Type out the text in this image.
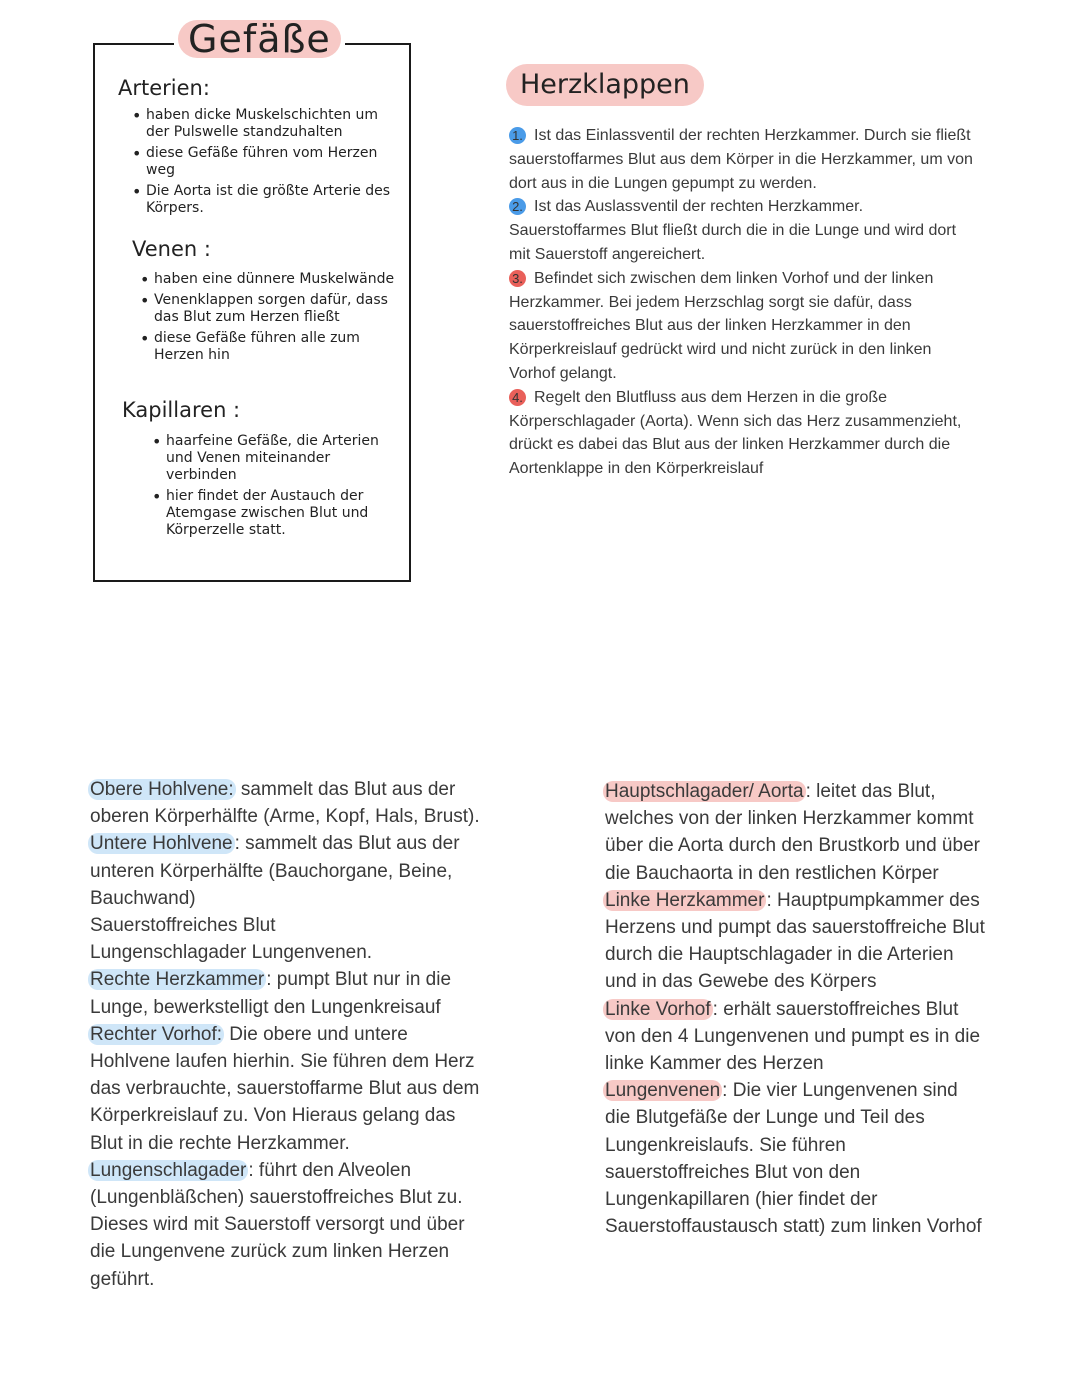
Gefäße
Arterien:
• haben dicke Muskelschichten um der Pulswelle standzuhalten
• diese Gefäße führen vom Herzen weg
• Die Aorta ist die größte Arterie des Körpers.
Venen :
• haben eine dünnere Muskelwände
• Venenklappen sorgen dafür, dass das Blut zum Herzen fließt
• diese Gefäße führen alle zum Herzen hin
Kapillaren :
• haarfeine Gefäße, die Arterien und Venen miteinander verbinden
• hier findet der Austauch der Atemgase zwischen Blut und Körperzelle statt.
Herzklappen

1. Ist das Einlassventil der rechten Herzkammer. Durch sie fließt sauerstoffarmes Blut aus dem Körper in die Herzkammer, um von dort aus in die Lungen gepumpt zu werden.

2. Ist das Auslassventil der rechten Herzkammer. Sauerstoffarmes Blut fließt durch die in die Lunge und wird dort mit Sauerstoff angereichert.

3. Befindet sich zwischen dem linken Vorhof und der linken Herzkammer. Bei jedem Herzschlag sorgt sie dafür, dass sauerstoffreiches Blut aus der linken Herzkammer in den Körperkreislauf gedrückt wird und nicht zurück in den linken Vorhof gelangt.

4. Regelt den Blutfluss aus dem Herzen in die große Körperschlagader (Aorta). Wenn sich das Herz zusammenzieht, drückt es dabei das Blut aus der linken Herzkammer durch die Aortenklappe in den Körperkreislauf

Obere Hohlvene: sammelt das Blut aus der oberen Körperhälfte (Arme, Kopf, Hals, Brust).

Untere Hohlvene : sammelt das Blut aus der unteren Körperhälfte (Bauchorgane, Beine, Bauchwand)

Sauerstoffreiches Blut

Lungenschlagader Lungenvenen.

Rechte Herzkammer : pumpt Blut nur in die Lunge, bewerkstelligt den Lungenkreisauf

Rechter Vorhof: Die obere und untere Hohlvene laufen hierhin. Sie führen dem Herz das verbrauchte, sauerstoffarme Blut aus dem Körperkreislauf zu. Von Hieraus gelang das Blut in die rechte Herzkammer.

Lungenschlagader : führt den Alveolen (Lungenbläßchen) sauerstoffreiches Blut zu. Dieses wird mit Sauerstoff versorgt und über die Lungenvene zurück zum linken Herzen geführt.

Hauptschlagader/ Aorta : leitet das Blut, welches von der linken Herzkammer kommt über die Aorta durch den Brustkorb und über die Bauchaorta in den restlichen Körper

Linke Herzkammer : Hauptpumpkammer des Herzens und pumpt das sauerstoffreiche Blut durch die Hauptschlagader in die Arterien und in das Gewebe des Körpers

Linke Vorhof : erhält sauerstoffreiches Blut von den 4 Lungenvenen und pumpt es in die linke Kammer des Herzen

Lungenvenen : Die vier Lungenvenen sind die Blutgefäße der Lunge und Teil des Lungenkreislaufs. Sie führen sauerstoffreiches Blut von den Lungenkapillaren (hier findet der Sauerstoffaustausch statt) zum linken Vorhof
